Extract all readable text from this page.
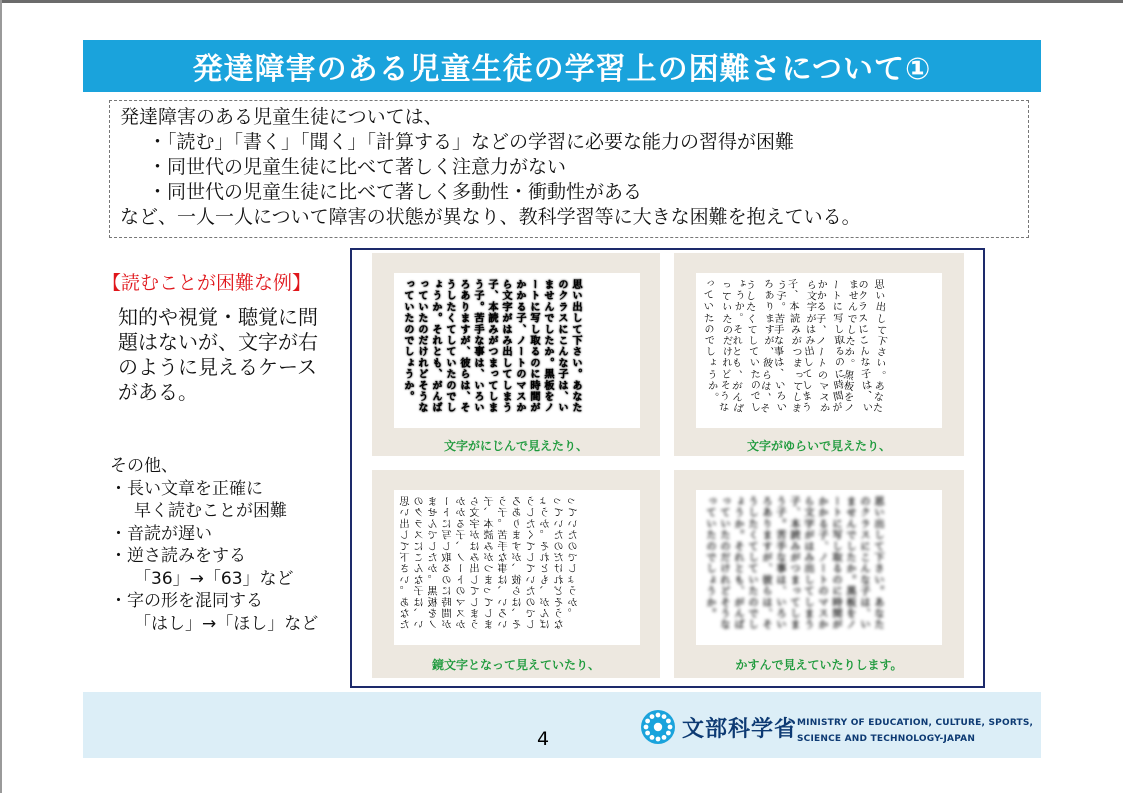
発達障害のある児童生徒の学習上の困難さについて①
発達障害のある児童生徒については、
・「読む」「書く」「聞く」「計算する」などの学習に必要な能力の習得が困難
・同世代の児童生徒に比べて著しく注意力がない
・同世代の児童生徒に比べて著しく多動性・衝動性がある
など、一人一人について障害の状態が異なり、教科学習等に大きな困難を抱えている。
【読むことが困難な例】
知的や視覚・聴覚に問題はないが、文字が右のように見えるケースがある。
その他、
・長い文章を正確に
早く読むことが困難
・音読が遅い
・逆さ読みをする
「36」→「63」など
・字の形を混同する
「はし」→「ほし」など
思い出して下さい。あなたのクラスにこんな子は、いませんでしたか。黒板をノートに写し取るのに時間がかかる子、ノートのマスから文字がはみ出してしまう子、本読みがつまってしまう子。苦手な事は、いろいろありますが、彼らは、そうしたくてしていたのでしょうか。それとも、がんばっていたのだけれどそうなっていたのでしょうか。
文字がにじんで見えたり、
思い出して下さい。あなたのクラスにこんな子は、いませんでしたか。黒板をノートに写し取るのに時間がかかる子、ノートのマスから文字がはみ出してしまう子、本読みがつまってしまう子。苦手な事は、いろいろありますが、彼らは、そうしたくてしていたのでしょうか。それとも、がんばっていたのだけれどそうなっていたのでしょうか。
文字がゆらいで見えたり、
思い出して下さい。あなたのクラスにこんな子は、いませんでしたか。黒板をノートに写し取るのに時間がかかる子、ノートのマスから文字がはみ出してしまう子、本読みがつまってしまう子。苦手な事は、いろいろありますが、彼らは、そうしたくてしていたのでしょうか。それとも、がんばっていたのだけれどそうなっていたのでしょうか。
鏡文字となって見えていたり、
思い出して下さい。あなたのクラスにこんな子は、いませんでしたか。黒板をノートに写し取るのに時間がかかる子、ノートのマスから文字がはみ出してしまう子、本読みがつまってしまう子。苦手な事は、いろいろありますが、彼らは、そうしたくてしていたのでしょうか。それとも、がんばっていたのだけれどそうなっていたのでしょうか。
かすんで見えていたりします。
4	文部科学省 MINISTRY OF EDUCATION, CULTURE, SPORTS,
SCIENCE AND TECHNOLOGY-JAPAN
